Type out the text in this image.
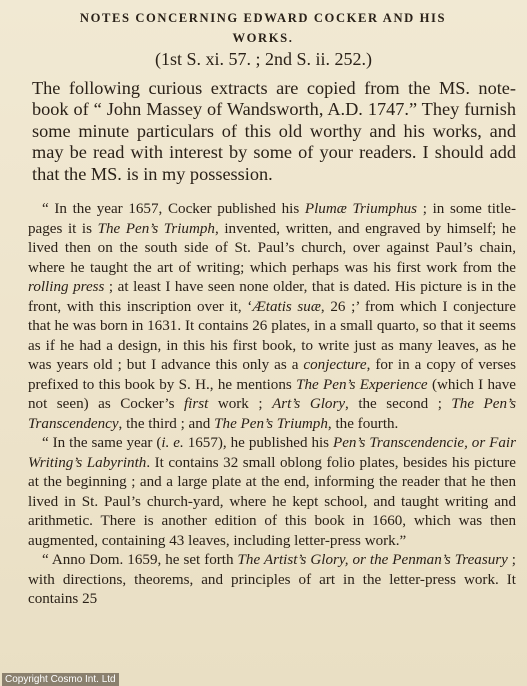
NOTES CONCERNING EDWARD COCKER AND HIS
WORKS.
(1st S. xi. 57. ; 2nd S. ii. 252.)
The following curious extracts are copied from the MS. note-book of “ John Massey of Wandsworth, A.D. 1747.” They furnish some minute particulars of this old worthy and his works, and may be read with interest by some of your readers. I should add that the MS. is in my possession.

“ In the year 1657, Cocker published his Plumæ Triumphus ; in some title-pages it is The Pen’s Triumph, invented, written, and engraved by himself; he lived then on the south side of St. Paul’s church, over against Paul’s chain, where he taught the art of writing; which perhaps was his first work from the rolling press ; at least I have seen none older, that is dated. His picture is in the front, with this inscription over it, ‘Ætatis suæ, 26 ;’ from which I conjecture that he was born in 1631. It contains 26 plates, in a small quarto, so that it seems as if he had a design, in this his first book, to write just as many leaves, as he was years old ; but I advance this only as a conjecture, for in a copy of verses prefixed to this book by S. H., he mentions The Pen’s Experience (which I have not seen) as Cocker’s first work ; Art’s Glory, the second ; The Pen’s Transcendency, the third ; and The Pen’s Triumph, the fourth.

“ In the same year (i. e. 1657), he published his Pen’s Transcendencie, or Fair Writing’s Labyrinth. It contains 32 small oblong folio plates, besides his picture at the beginning ; and a large plate at the end, informing the reader that he then lived in St. Paul’s church-yard, where he kept school, and taught writing and arithmetic. There is another edition of this book in 1660, which was then augmented, containing 43 leaves, including letter-press work.”

“ Anno Dom. 1659, he set forth The Artist’s Glory, or the Penman’s Treasury ; with directions, theorems, and principles of art in the letter-press work. It contains 25

Copyright Cosmo Int. Ltd
